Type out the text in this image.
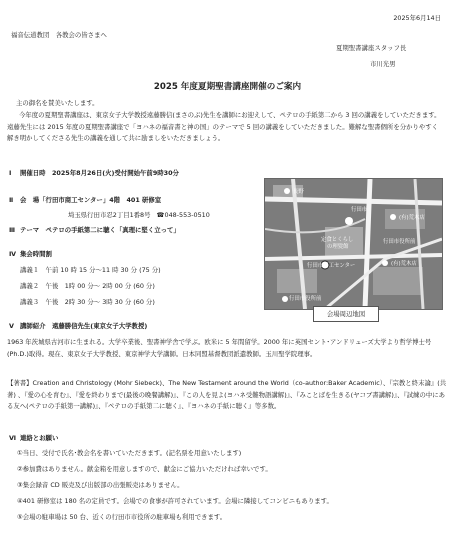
2025年6月14日
福音伝道教団　各教会の皆さまへ
夏期聖書講座スタッフ長
市川光男
2025 年度夏期聖書講座開催のご案内
主の御名を賛美いたします。
今年度の夏期聖書講座は、東京女子大学教授遠藤勝信(まさのぶ)先生を講師にお迎えして、ペテロの手紙第二から 3 回の講義をしていただきます。遠藤先生には 2015 年度の夏期聖書講座で「ヨハネの福音書と神の国」のテーマで 5 回の講義をしていただきました。難解な聖書個所を分かりやすく解き明かしてくださる先生の講義を通して共に励ましをいただきましょう。
Ⅰ 開催日時　2025年8月26日(火)受付開始午前9時30分
Ⅱ 会　場「行田市商工センター」4階　401 研修室
埼玉県行田市忍2丁目1番8号 ☎048-553-0510
Ⅲ テーマ　ペテロの手紙第二に聴く「真理に堅く立って」
Ⅳ 集会時間割
講義１　午前 10 時 15 分～11 時 30 分 (75 分)
講義２　午後　1時 00 分～ 2時 00 分 (60 分)
講義３　午後　2時 30 分～ 3時 30 分 (60 分)
長野
行田市
(有)荒木店
行田市役所前
定食とくらし
の理髪館
行田市商工センター	(有)荒木店
行田市役所前
会場周辺地図
Ⅴ 講師紹介　遠藤勝信先生(東京女子大学教授)
1963 年茨城県古河市に生まれる。大学卒業後、聖書神学舎で学ぶ。欧米に 5 年間留学。2000 年に英国セント･アンドリューズ大学より哲学博士号(Ph.D.)取得。現在、東京女子大学教授、東京神学大学講師。日本同盟基督教団派遣教師。玉川聖学院理事。
【著書】Creation and Christology (Mohr Siebeck)、The New Testament around the World（co-author:Baker Academic）、『宗教と終末論』(共著) 、『愛の心を育む』、『愛を終わりまで(最後の晩餐講解)』、『この人を見よ(ヨハネ受難物語講解)』、『みことばを生きる(ヤコブ書講解)』、『試練の中にある友へ(ペテロの手紙第一講解)』、『ペテロの手紙第二に聴く』、『ヨハネの手紙に聴く』等多数。
Ⅵ 連絡とお願い
①当日、受付で氏名･教会名を書いていただきます。(記名票を用意いたします)
②参加費はありません。献金箱を用意しますので、献金にご協力いただければ幸いです。
③集会録音 CD 販売及び出版部の出張販売はありません。
④401 研修室は 180 名の定員です。会場での食事が許可されています。会場に隣接してコンビニもあります。
⑤会場の駐車場は 50 台、近くの行田市市役所の駐車場も利用できます。
